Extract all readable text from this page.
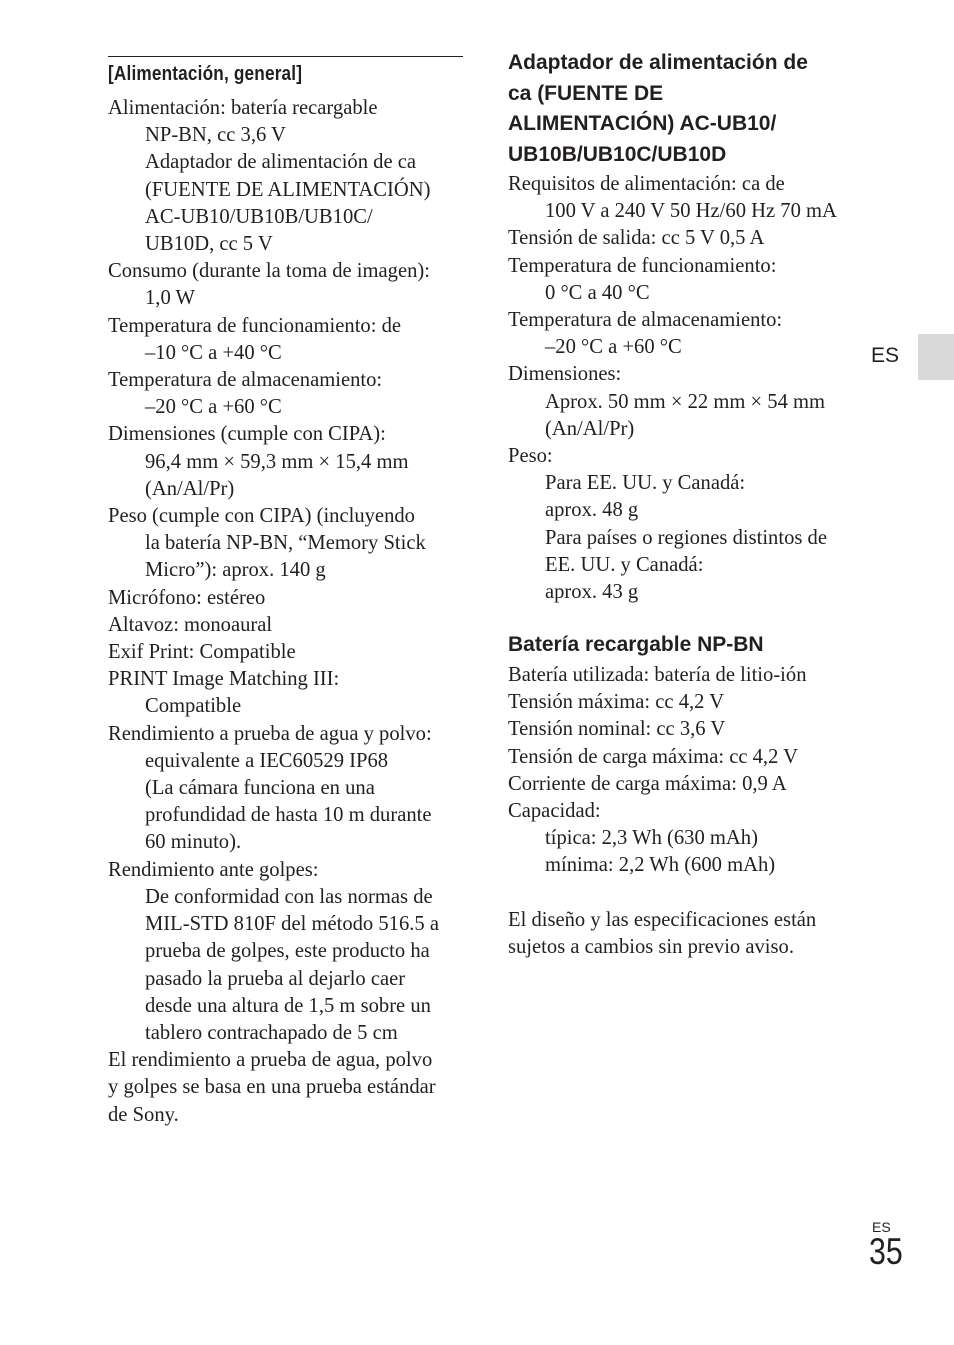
[Alimentación, general]
Alimentación: batería recargable
NP-BN, cc 3,6 V
Adaptador de alimentación de ca
(FUENTE DE ALIMENTACIÓN)
AC-UB10/UB10B/UB10C/
UB10D, cc 5 V
Consumo (durante la toma de imagen):
1,0 W
Temperatura de funcionamiento: de
–10 °C a +40 °C
Temperatura de almacenamiento:
–20 °C a +60 °C
Dimensiones (cumple con CIPA):
96,4 mm × 59,3 mm × 15,4 mm
(An/Al/Pr)
Peso (cumple con CIPA) (incluyendo
la batería NP-BN, “Memory Stick
Micro”): aprox. 140 g
Micrófono: estéreo
Altavoz: monoaural
Exif Print: Compatible
PRINT Image Matching III:
Compatible
Rendimiento a prueba de agua y polvo:
equivalente a IEC60529 IP68
(La cámara funciona en una
profundidad de hasta 10 m durante
60 minuto).
Rendimiento ante golpes:
De conformidad con las normas de
MIL-STD 810F del método 516.5 a
prueba de golpes, este producto ha
pasado la prueba al dejarlo caer
desde una altura de 1,5 m sobre un
tablero contrachapado de 5 cm
El rendimiento a prueba de agua, polvo
y golpes se basa en una prueba estándar
de Sony.
Adaptador de alimentación de
ca (FUENTE DE
ALIMENTACIÓN) AC-UB10/
UB10B/UB10C/UB10D
Requisitos de alimentación: ca de
100 V a 240 V 50 Hz/60 Hz 70 mA
Tensión de salida: cc 5 V 0,5 A
Temperatura de funcionamiento:
0 °C a 40 °C
Temperatura de almacenamiento:
–20 °C a +60 °C
Dimensiones:
Aprox. 50 mm × 22 mm × 54 mm
(An/Al/Pr)
Peso:
Para EE. UU. y Canadá:
aprox. 48 g
Para países o regiones distintos de
EE. UU. y Canadá:
aprox. 43 g
Batería recargable NP-BN
Batería utilizada: batería de litio-ión
Tensión máxima: cc 4,2 V
Tensión nominal: cc 3,6 V
Tensión de carga máxima: cc 4,2 V
Corriente de carga máxima: 0,9 A
Capacidad:
típica: 2,3 Wh (630 mAh)
mínima: 2,2 Wh (600 mAh)
El diseño y las especificaciones están
sujetos a cambios sin previo aviso.
ES
ES
35
